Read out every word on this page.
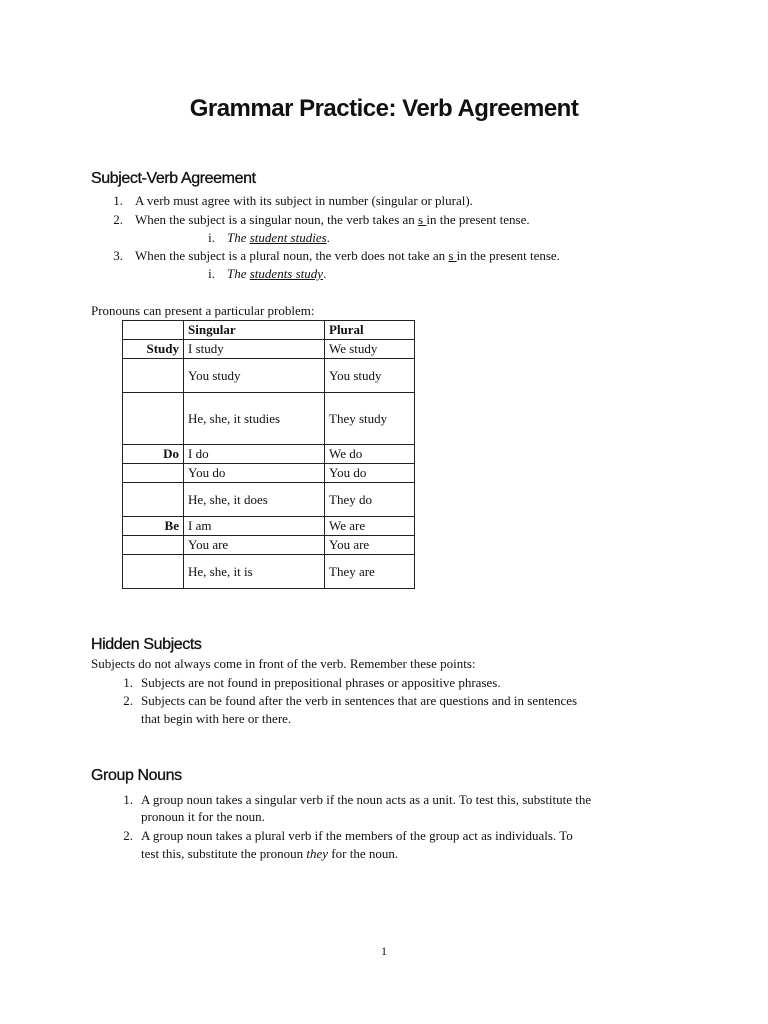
Grammar Practice: Verb Agreement
Subject-Verb Agreement
1. A verb must agree with its subject in number (singular or plural).
2. When the subject is a singular noun, the verb takes an s in the present tense.
i. The student studies.
3. When the subject is a plural noun, the verb does not take an s in the present tense.
i. The students study.
Pronouns can present a particular problem:
	Singular	Plural
Study	I study	We study
	You study	You study
	He, she, it studies	They study
Do	I do	We do
	You do	You do
	He, she, it does	They do
Be	I am	We are
	You are	You are
	He, she, it is	They are
Hidden Subjects
Subjects do not always come in front of the verb. Remember these points:
1. Subjects are not found in prepositional phrases or appositive phrases.
2. Subjects can be found after the verb in sentences that are questions and in sentences
that begin with here or there.
Group Nouns
1. A group noun takes a singular verb if the noun acts as a unit. To test this, substitute the
pronoun it for the noun.
2. A group noun takes a plural verb if the members of the group act as individuals. To
test this, substitute the pronoun they for the noun.
1
